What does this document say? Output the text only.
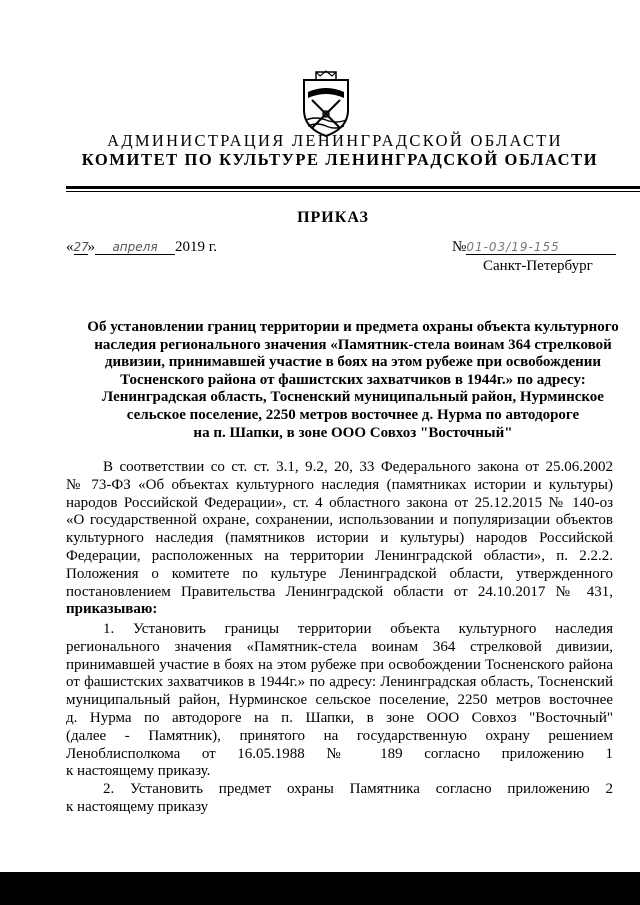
АДМИНИСТРАЦИЯ ЛЕНИНГРАДСКОЙ ОБЛАСТИ
КОМИТЕТ ПО КУЛЬТУРЕ ЛЕНИНГРАДСКОЙ ОБЛАСТИ
ПРИКАЗ
«27» апреля 2019 г.	№01-03/19-155
Санкт-Петербург
Об установлении границ территории и предмета охраны объекта культурного
наследия регионального значения «Памятник-стела воинам 364 стрелковой
дивизии, принимавшей участие в боях на этом рубеже при освобождении
Тосненского района от фашистских захватчиков в 1944г.» по адресу:
Ленинградская область, Тосненский муниципальный район, Нурминское
сельское поселение, 2250 метров восточнее д. Нурма по автодороге
на п. Шапки, в зоне ООО Совхоз "Восточный"
В соответствии со ст. ст. 3.1, 9.2, 20, 33 Федерального закона от 25.06.2002
№ 73-ФЗ «Об объектах культурного наследия (памятниках истории и культуры)
народов Российской Федерации», ст. 4 областного закона от 25.12.2015 № 140-оз
«О государственной охране, сохранении, использовании и популяризации объектов
культурного наследия (памятников истории и культуры) народов Российской
Федерации, расположенных на территории Ленинградской области», п. 2.2.2.
Положения о комитете по культуре Ленинградской области, утвержденного
постановлением Правительства Ленинградской области от 24.10.2017 № 431,
приказываю:
1. Установить границы территории объекта культурного наследия
регионального значения «Памятник-стела воинам 364 стрелковой дивизии,
принимавшей участие в боях на этом рубеже при освобождении Тосненского района
от фашистских захватчиков в 1944г.» по адресу: Ленинградская область, Тосненский
муниципальный район, Нурминское сельское поселение, 2250 метров восточнее
д. Нурма по автодороге на п. Шапки, в зоне ООО Совхоз "Восточный"
(далее - Памятник), принятого на государственную охрану решением
Леноблисполкома от 16.05.1988 № 189 согласно приложению 1
к настоящему приказу.
2. Установить предмет охраны Памятника согласно приложению 2
к настоящему приказу
